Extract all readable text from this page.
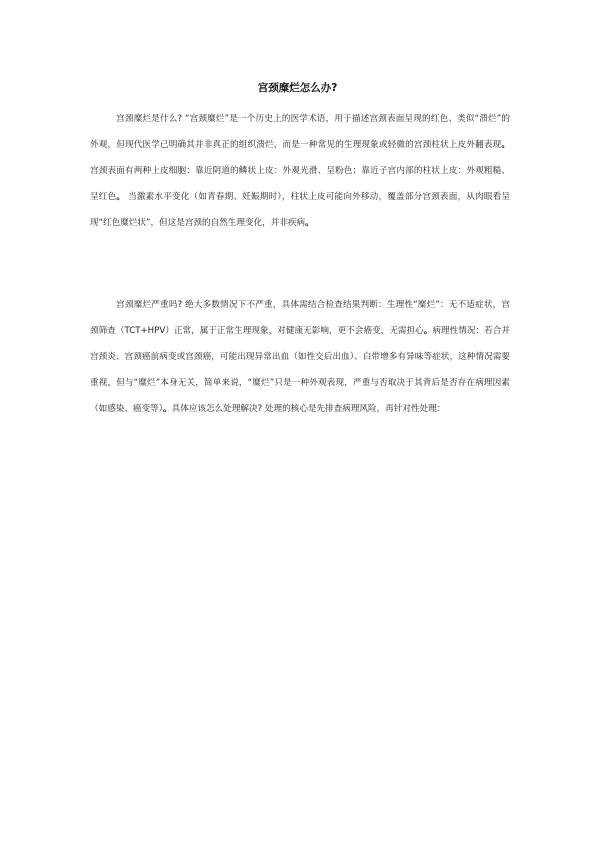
宫颈糜烂怎么办?

宫颈糜烂是什么? “宫颈糜烂”是一个历史上的医学术语，用于描述宫颈表面呈现的红色、类似“溃烂”的外观，但现代医学已明确其并非真正的组织溃烂，而是一种常见的生理现象或轻微的宫颈柱状上皮外翻表现。 宫颈表面有两种上皮细胞：靠近阴道的鳞状上皮：外观光滑、呈粉色；靠近子宫内部的柱状上皮：外观粗糙、呈红色。 当激素水平变化（如青春期、妊娠期时），柱状上皮可能向外移动，覆盖部分宫颈表面，从肉眼看呈现“红色糜烂状”，但这是宫颈的自然生理变化，并非疾病。

宫颈糜烂严重吗? 绝大多数情况下不严重，具体需结合检查结果判断：生理性“糜烂”：无不适症状，宫颈筛查（TCT+HPV）正常，属于正常生理现象，对健康无影响，更不会癌变，无需担心。病理性情况：若合并宫颈炎、宫颈癌前病变或宫颈癌，可能出现异常出血（如性交后出血）、白带增多有异味等症状，这种情况需要重视，但与“糜烂”本身无关，简单来说，“糜烂”只是一种外观表现，严重与否取决于其背后是否存在病理因素（如感染、癌变等）。具体应该怎么处理解决? 处理的核心是先排查病理风险，再针对性处理：
